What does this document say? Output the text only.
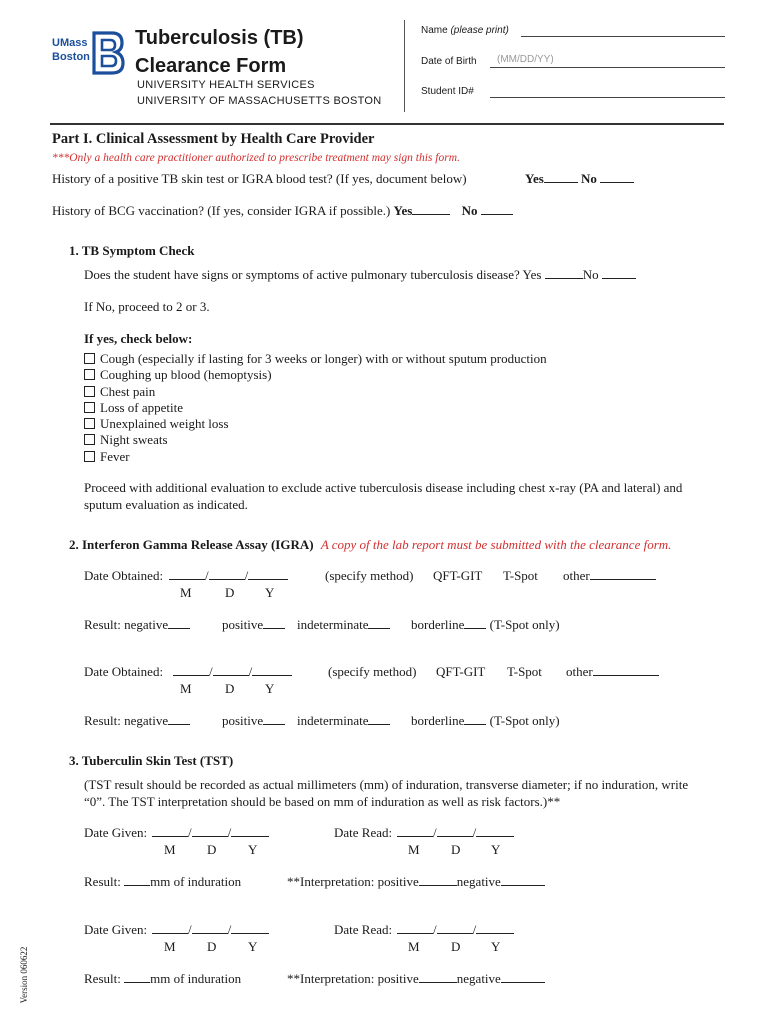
UMass
Boston
Tuberculosis (TB)
Clearance Form
UNIVERSITY HEALTH SERVICES
UNIVERSITY OF MASSACHUSETTS BOSTON
Name (please print)
Date of Birth (MM/DD/YY)
Student ID#
Part I. Clinical Assessment by Health Care Provider
***Only a health care practitioner authorized to prescribe treatment may sign this form.
History of a positive TB skin test or IGRA blood test? (If yes, document below)	Yes	No
History of BCG vaccination? (If yes, consider IGRA if possible.) Yes	No
1. TB Symptom Check
Does the student have signs or symptoms of active pulmonary tuberculosis disease? Yes	No
If No, proceed to 2 or 3.
If yes, check below:
Cough (especially if lasting for 3 weeks or longer) with or without sputum production
Coughing up blood (hemoptysis)
Chest pain
Loss of appetite
Unexplained weight loss
Night sweats
Fever
Proceed with additional evaluation to exclude active tuberculosis disease including chest x-ray (PA and lateral) and
sputum evaluation as indicated.
2. Interferon Gamma Release Assay (IGRA) A copy of the lab report must be submitted with the clearance form.
Date Obtained:	/	/	(specify method) QFT-GIT T-Spot other
M	D Y
Result: negative	positive	indeterminate	borderline (T-Spot only)
Date Obtained:	/	/	(specify method) QFT-GIT T-Spot other
M	D Y
Result: negative	positive	indeterminate	borderline (T-Spot only)
3. Tuberculin Skin Test (TST)
(TST result should be recorded as actual millimeters (mm) of induration, transverse diameter; if no induration, write
“0”. The TST interpretation should be based on mm of induration as well as risk factors.)**
Date Given:	/	/	Date Read:	/	/
M D Y	M D Y
Result: mm of induration	**Interpretation: positive	negative
Date Given:	/	/	Date Read:	/	/
M D Y	M D Y
Result: mm of induration	**Interpretation: positive	negative
Version 060622
